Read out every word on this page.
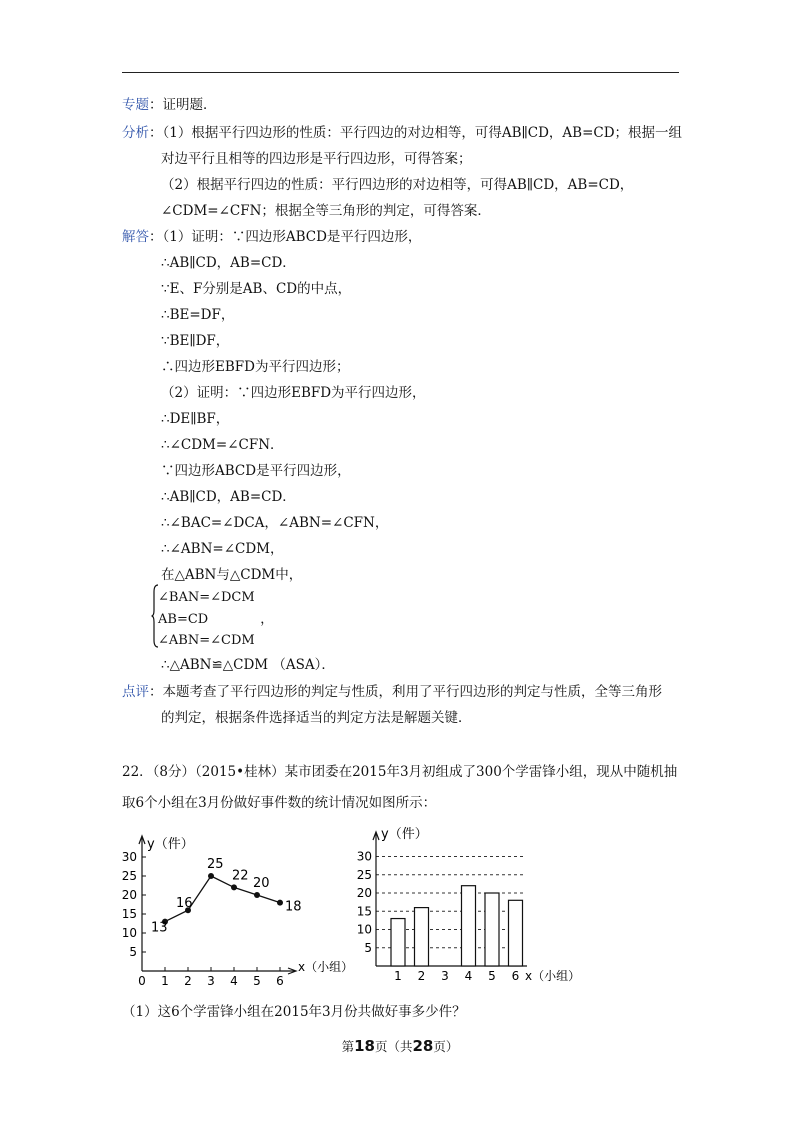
专题：证明题．
分析：（1）根据平行四边形的性质：平行四边的对边相等，可得AB∥CD，AB=CD；根据一组
对边平行且相等的四边形是平行四边形，可得答案；
（2）根据平行四边的性质：平行四边形的对边相等，可得AB∥CD，AB=CD，
∠CDM=∠CFN；根据全等三角形的判定，可得答案．
解答：（1）证明：∵四边形ABCD是平行四边形，
∴AB∥CD，AB=CD．
∵E、F分别是AB、CD的中点，
∴BE=DF，
∵BE∥DF，
∴四边形EBFD为平行四边形；
（2）证明：∵四边形EBFD为平行四边形，
∴DE∥BF，
∴∠CDM=∠CFN．
∵四边形ABCD是平行四边形，
∴AB∥CD，AB=CD．
∴∠BAC=∠DCA，∠ABN=∠CFN，
∴∠ABN=∠CDM，
在△ABN与△CDM中，
∠BAN=∠DCM
AB=CD	，
∠ABN=∠CDM
∴△ABN≌△CDM （ASA）．
点评：本题考查了平行四边形的判定与性质，利用了平行四边形的判定与性质，全等三角形
的判定，根据条件选择适当的判定方法是解题关键．
22．（8分）（2015•桂林）某市团委在2015年3月初组成了300个学雷锋小组，现从中随机抽
取6个小组在3月份做好事件数的统计情况如图所示：
y（件）
x（小组）
5
10
15
20
25
30
0 1 2 3 4 5 6
13
16
25
22
20
18
5
10
15
20
25
30
y（件）
x（小组）
1 2 3 4 5 6
（1）这6个学雷锋小组在2015年3月份共做好事多少件？
第18页（共28页）
